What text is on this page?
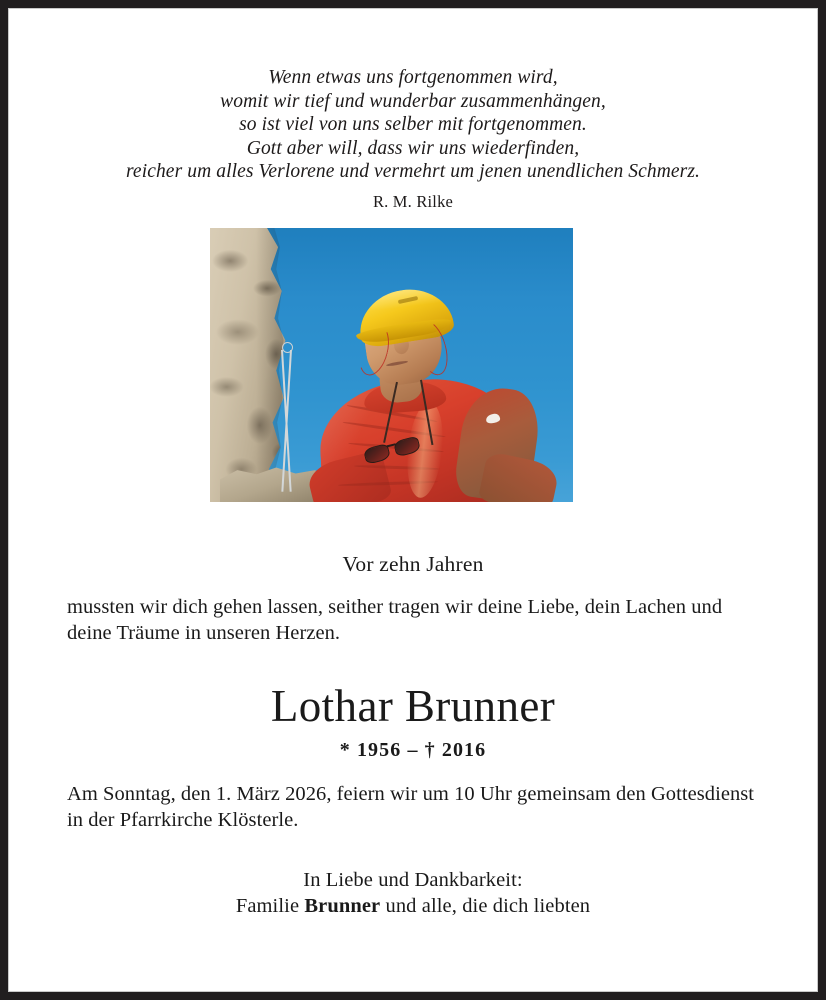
Wenn etwas uns fortgenommen wird,
womit wir tief und wunderbar zusammenhängen,
so ist viel von uns selber mit fortgenommen.
Gott aber will, dass wir uns wiederfinden,
reicher um alles Verlorene und vermehrt um jenen unendlichen Schmerz.
R. M. Rilke
Vor zehn Jahren
mussten wir dich gehen lassen, seither tragen wir deine Liebe, dein Lachen und deine Träume in unseren Herzen.
Lothar Brunner
* 1956 – † 2016
Am Sonntag, den 1. März 2026, feiern wir um 10 Uhr gemeinsam den Gottesdienst in der Pfarrkirche Klösterle.
In Liebe und Dankbarkeit:
Familie Brunner und alle, die dich liebten
